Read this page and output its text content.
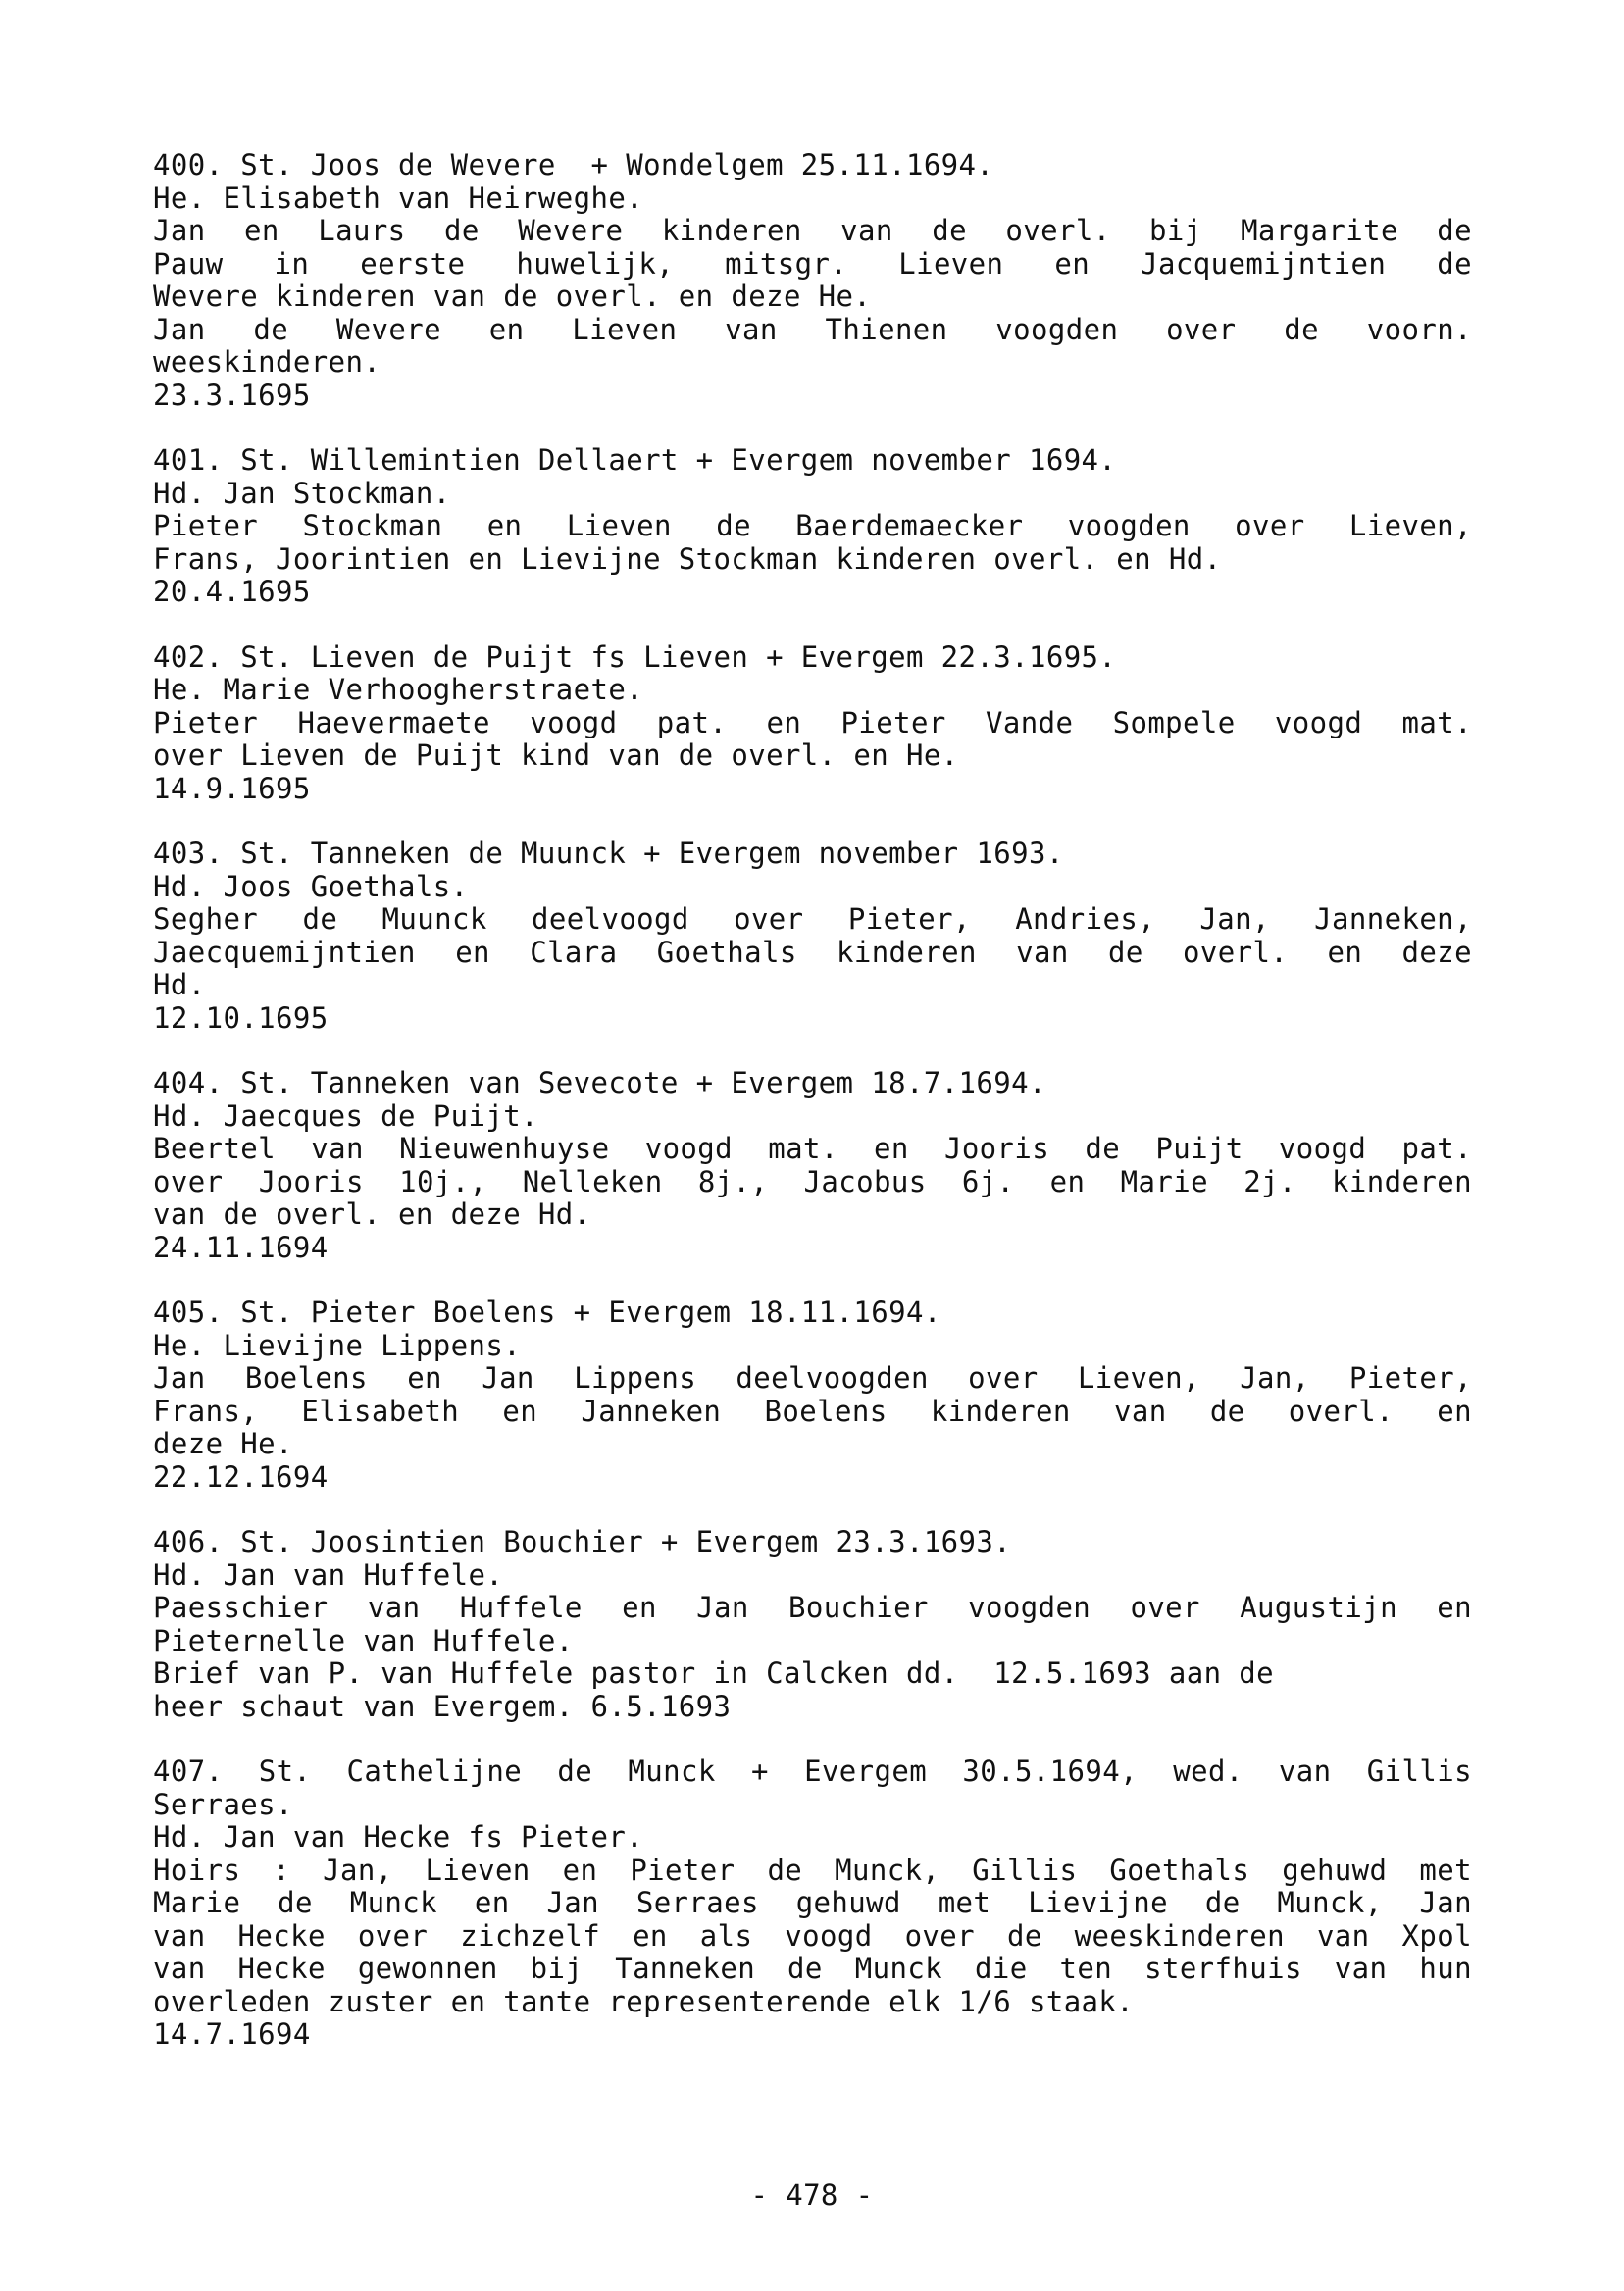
400. St. Joos de Wevere  + Wondelgem 25.11.1694.
He. Elisabeth van Heirweghe.
Jan en Laurs de Wevere kinderen van de overl. bij Margarite de
Pauw in eerste huwelijk, mitsgr. Lieven en Jacquemijntien de
Wevere kinderen van de overl. en deze He.
Jan de Wevere en Lieven van Thienen voogden over de voorn.
weeskinderen.
23.3.1695
401. St. Willemintien Dellaert + Evergem november 1694.
Hd. Jan Stockman.
Pieter Stockman en Lieven de Baerdemaecker voogden over Lieven,
Frans, Joorintien en Lievijne Stockman kinderen overl. en Hd.
20.4.1695
402. St. Lieven de Puijt fs Lieven + Evergem 22.3.1695.
He. Marie Verhoogherstraete.
Pieter Haevermaete voogd pat. en Pieter Vande Sompele voogd mat.
over Lieven de Puijt kind van de overl. en He.
14.9.1695
403. St. Tanneken de Muunck + Evergem november 1693.
Hd. Joos Goethals.
Segher de Muunck deelvoogd over Pieter, Andries, Jan, Janneken,
Jaecquemijntien en Clara Goethals kinderen van de overl. en deze
Hd.
12.10.1695
404. St. Tanneken van Sevecote + Evergem 18.7.1694.
Hd. Jaecques de Puijt.
Beertel van Nieuwenhuyse voogd mat. en Jooris de Puijt voogd pat.
over Jooris 10j., Nelleken 8j., Jacobus 6j. en Marie 2j. kinderen
van de overl. en deze Hd.
24.11.1694
405. St. Pieter Boelens + Evergem 18.11.1694.
He. Lievijne Lippens.
Jan Boelens en Jan Lippens deelvoogden over Lieven, Jan, Pieter,
Frans, Elisabeth en Janneken Boelens kinderen van de overl. en
deze He.
22.12.1694
406. St. Joosintien Bouchier + Evergem 23.3.1693.
Hd. Jan van Huffele.
Paesschier van Huffele en Jan Bouchier voogden over Augustijn en
Pieternelle van Huffele.
Brief van P. van Huffele pastor in Calcken dd.  12.5.1693 aan de
heer schaut van Evergem. 6.5.1693
407. St. Cathelijne de Munck + Evergem 30.5.1694, wed. van Gillis
Serraes.
Hd. Jan van Hecke fs Pieter.
Hoirs : Jan, Lieven en Pieter de Munck, Gillis Goethals gehuwd met
Marie de Munck en Jan Serraes gehuwd met Lievijne de Munck, Jan
van Hecke over zichzelf en als voogd over de weeskinderen van Xpol
van Hecke gewonnen bij Tanneken de Munck die ten sterfhuis van hun
overleden zuster en tante representerende elk 1/6 staak.
14.7.1694
- 478 -
